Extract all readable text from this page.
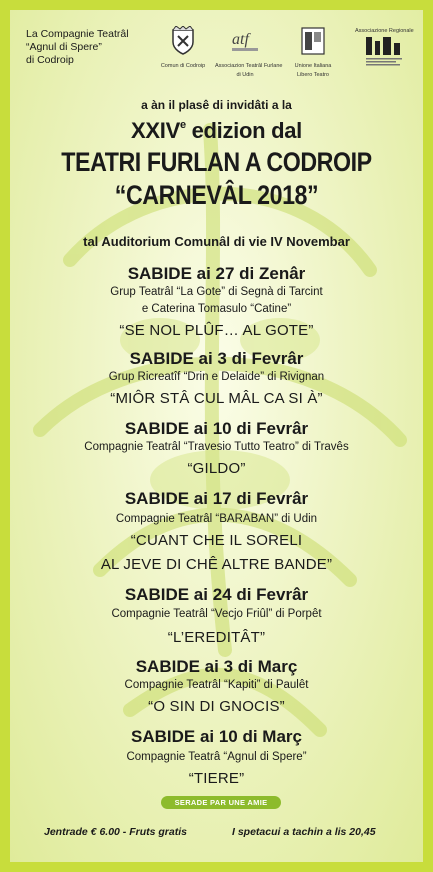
La Compagnie Teatrâl
“Agnul di Spere”
di Codroip	Comun di Codroip
atf
Associazion Teatrâl Furlane
di Udin
Unione Italiana
Libero Teatro
Associazione Regionale
a àn il plasê di invidâti a la
XXIVe edizion dal
TEATRI FURLAN A CODROIP
“CARNEVÂL 2018”
tal Auditorium Comunâl di vie IV Novembar
SABIDE ai 27 di Zenâr
Grup Teatrâl “La Gote” di Segnà di Tarcint
e Caterina Tomasulo “Catine”
“SE NOL PLÛF… AL GOTE”
SABIDE ai 3 di Fevrâr
Grup Ricreatîf “Drin e Delaide” di Rivignan
“MIÔR STÂ CUL MÂL CA SI À”
SABIDE ai 10 di Fevrâr
Compagnie Teatrâl “Travesio Tutto Teatro” di Travês
“GILDO”
SABIDE ai 17 di Fevrâr
Compagnie Teatrâl “BARABAN” di Udin
“CUANT CHE IL SORELI
AL JEVE DI CHÊ ALTRE BANDE”
SABIDE ai 24 di Fevrâr
Compagnie Teatrâl “Vecjo Friûl” di Porpêt
“L’EREDITÂT”
SABIDE ai 3 di Març
Compagnie Teatrâl “Kapiti” di Paulêt
“O SIN DI GNOCIS”
SABIDE ai 10 di Març
Compagnie Teatrâ “Agnul di Spere”
“TIERE”
SERADE PAR UNE AMIE
Jentrade € 6.00 - Fruts gratis	I spetacui a tachin a lis 20,45
